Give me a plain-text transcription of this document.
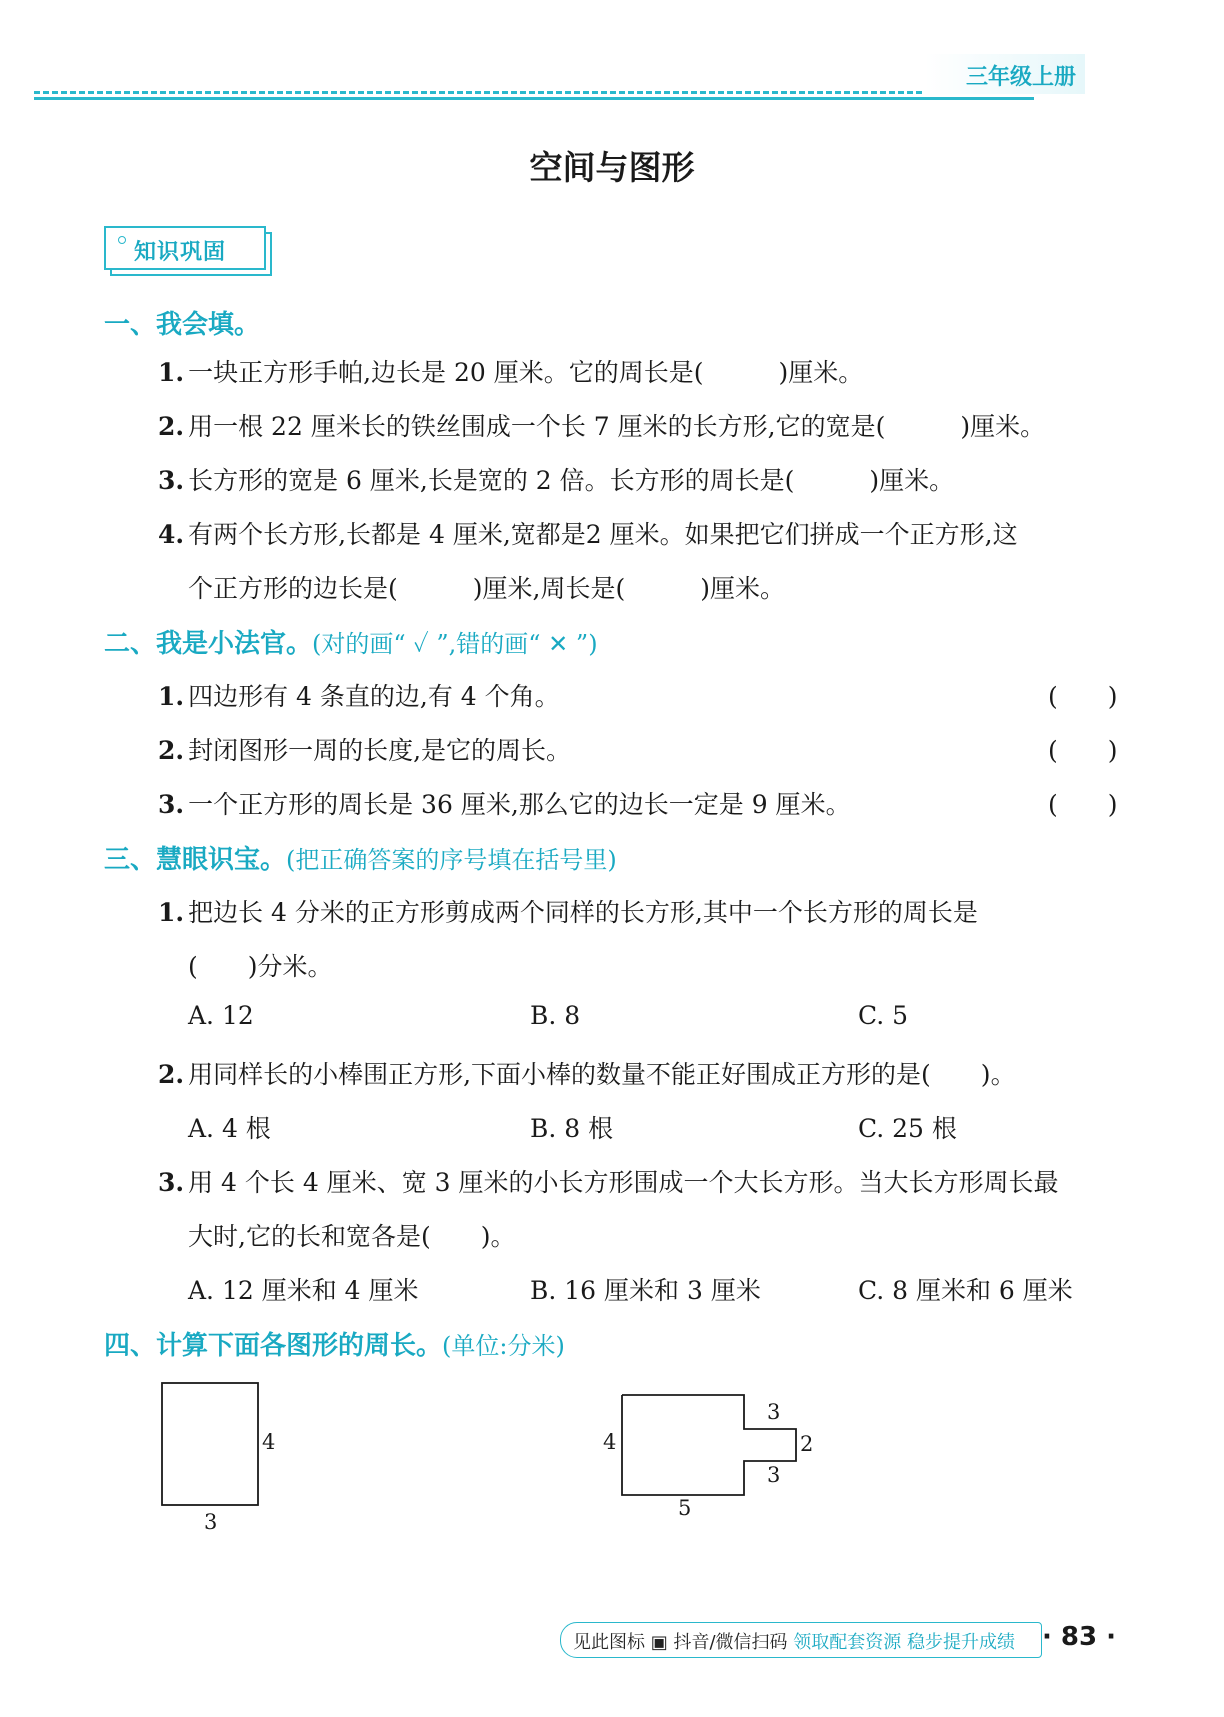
三年级上册
空间与图形
知识巩固
一、我会填。
1. 一块正方形手帕,边长是 20 厘米。它的周长是(　　　)厘米。
2. 用一根 22 厘米长的铁丝围成一个长 7 厘米的长方形,它的宽是(　　　)厘米。
3. 长方形的宽是 6 厘米,长是宽的 2 倍。长方形的周长是(　　　)厘米。
4. 有两个长方形,长都是 4 厘米,宽都是2 厘米。如果把它们拼成一个正方形,这
个正方形的边长是(　　　)厘米,周长是(　　　)厘米。
二、我是小法官。(对的画“ ✓ ”,错的画“ ✕ ”)
1. 四边形有 4 条直的边,有 4 个角。	(　　)
2. 封闭图形一周的长度,是它的周长。	(　　)
3. 一个正方形的周长是 36 厘米,那么它的边长一定是 9 厘米。	(　　)
三、慧眼识宝。(把正确答案的序号填在括号里)
1. 把边长 4 分米的正方形剪成两个同样的长方形,其中一个长方形的周长是
(　　)分米。
A. 12	B. 8	C. 5
2. 用同样长的小棒围正方形,下面小棒的数量不能正好围成正方形的是(　　)。
A. 4 根	B. 8 根	C. 25 根
3. 用 4 个长 4 厘米、宽 3 厘米的小长方形围成一个大长方形。当大长方形周长最
大时,它的长和宽各是(　　)。
A. 12 厘米和 4 厘米	B. 16 厘米和 3 厘米	C. 8 厘米和 6 厘米
四、计算下面各图形的周长。(单位:分米)
4
3
4
3
2
3
5
见此图标 ▣ 抖音/微信扫码 领取配套资源 稳步提升成绩 · 83 ·
